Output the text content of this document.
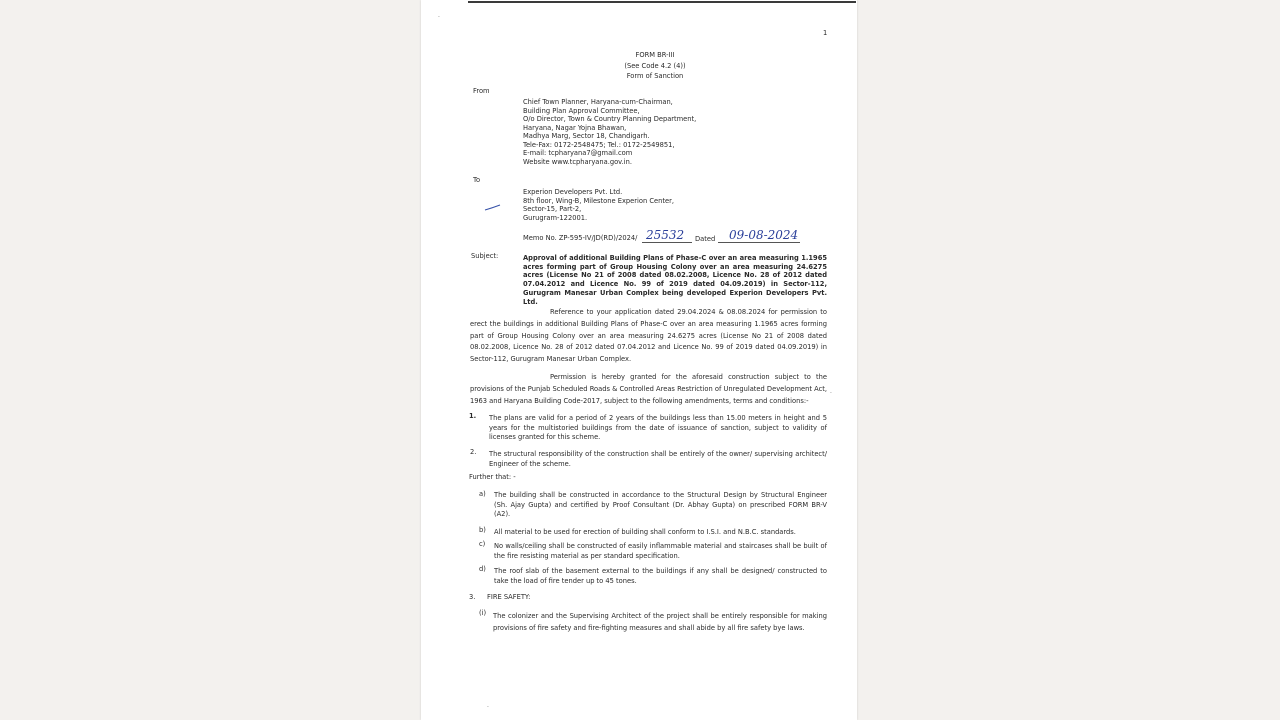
·
1
FORM BR-III
(See Code 4.2 (4))
Form of Sanction
From
Chief Town Planner, Haryana-cum-Chairman,
Building Plan Approval Committee,
O/o Director, Town & Country Planning Department,
Haryana, Nagar Yojna Bhawan,
Madhya Marg, Sector 18, Chandigarh.
Tele-Fax: 0172-2548475; Tel.: 0172-2549851,
E-mail: tcpharyana7@gmail.com
Website www.tcpharyana.gov.in.
To
Experion Developers Pvt. Ltd.
8th floor, Wing-B, Milestone Experion Center,
Sector-15, Part-2,
Gurugram-122001.
Memo No. ZP-595-IV/JD(RD)/2024/ 25532 Dated 09-08-2024
Subject:	Approval of additional Building Plans of Phase-C over an area measuring 1.1965 acres forming part of Group Housing Colony over an area measuring 24.6275 acres (License No 21 of 2008 dated 08.02.2008, Licence No. 28 of 2012 dated 07.04.2012 and Licence No. 99 of 2019 dated 04.09.2019) in Sector-112, Gurugram Manesar Urban Complex being developed Experion Developers Pvt. Ltd.
Reference to your application dated 29.04.2024 & 08.08.2024 for permission to erect the buildings in additional Building Plans of Phase-C over an area measuring 1.1965 acres forming part of Group Housing Colony over an area measuring 24.6275 acres (License No 21 of 2008 dated 08.02.2008, Licence No. 28 of 2012 dated 07.04.2012 and Licence No. 99 of 2019 dated 04.09.2019) in Sector-112, Gurugram Manesar Urban Complex.
Permission is hereby granted for the aforesaid construction subject to the provisions of the Punjab Scheduled Roads & Controlled Areas Restriction of Unregulated Development Act, 1963 and Haryana Building Code-2017, subject to the following amendments, terms and conditions:-
·
1. The plans are valid for a period of 2 years of the buildings less than 15.00 meters in height and 5 years for the multistoried buildings from the date of issuance of sanction, subject to validity of licenses granted for this scheme.
2. The structural responsibility of the construction shall be entirely of the owner/ supervising architect/ Engineer of the scheme.
Further that: -
a) The building shall be constructed in accordance to the Structural Design by Structural Engineer (Sh. Ajay Gupta) and certified by Proof Consultant (Dr. Abhay Gupta) on prescribed FORM BR-V (A2).
b) All material to be used for erection of building shall conform to I.S.I. and N.B.C. standards.
c) No walls/ceiling shall be constructed of easily inflammable material and staircases shall be built of the fire resisting material as per standard specification.
d) The roof slab of the basement external to the buildings if any shall be designed/ constructed to take the load of fire tender up to 45 tones.
3. FIRE SAFETY:
(i) The colonizer and the Supervising Architect of the project shall be entirely responsible for making provisions of fire safety and fire-fighting measures and shall abide by all fire safety bye laws.
·
